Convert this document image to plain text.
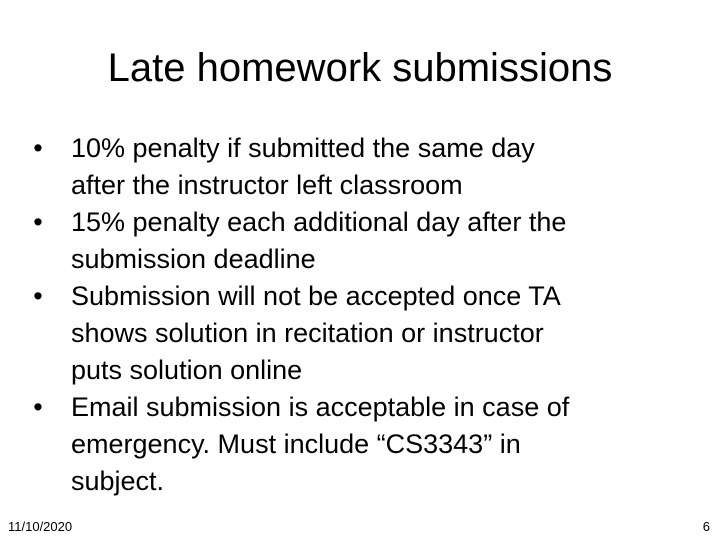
Late homework submissions
•	10% penalty if submitted the same day
after the instructor left classroom
•	15% penalty each additional day after the
submission deadline
•	Submission will not be accepted once TA
shows solution in recitation or instructor
puts solution online
•	Email submission is acceptable in case of
emergency. Must include “CS3343” in
subject.
11/10/2020	6
